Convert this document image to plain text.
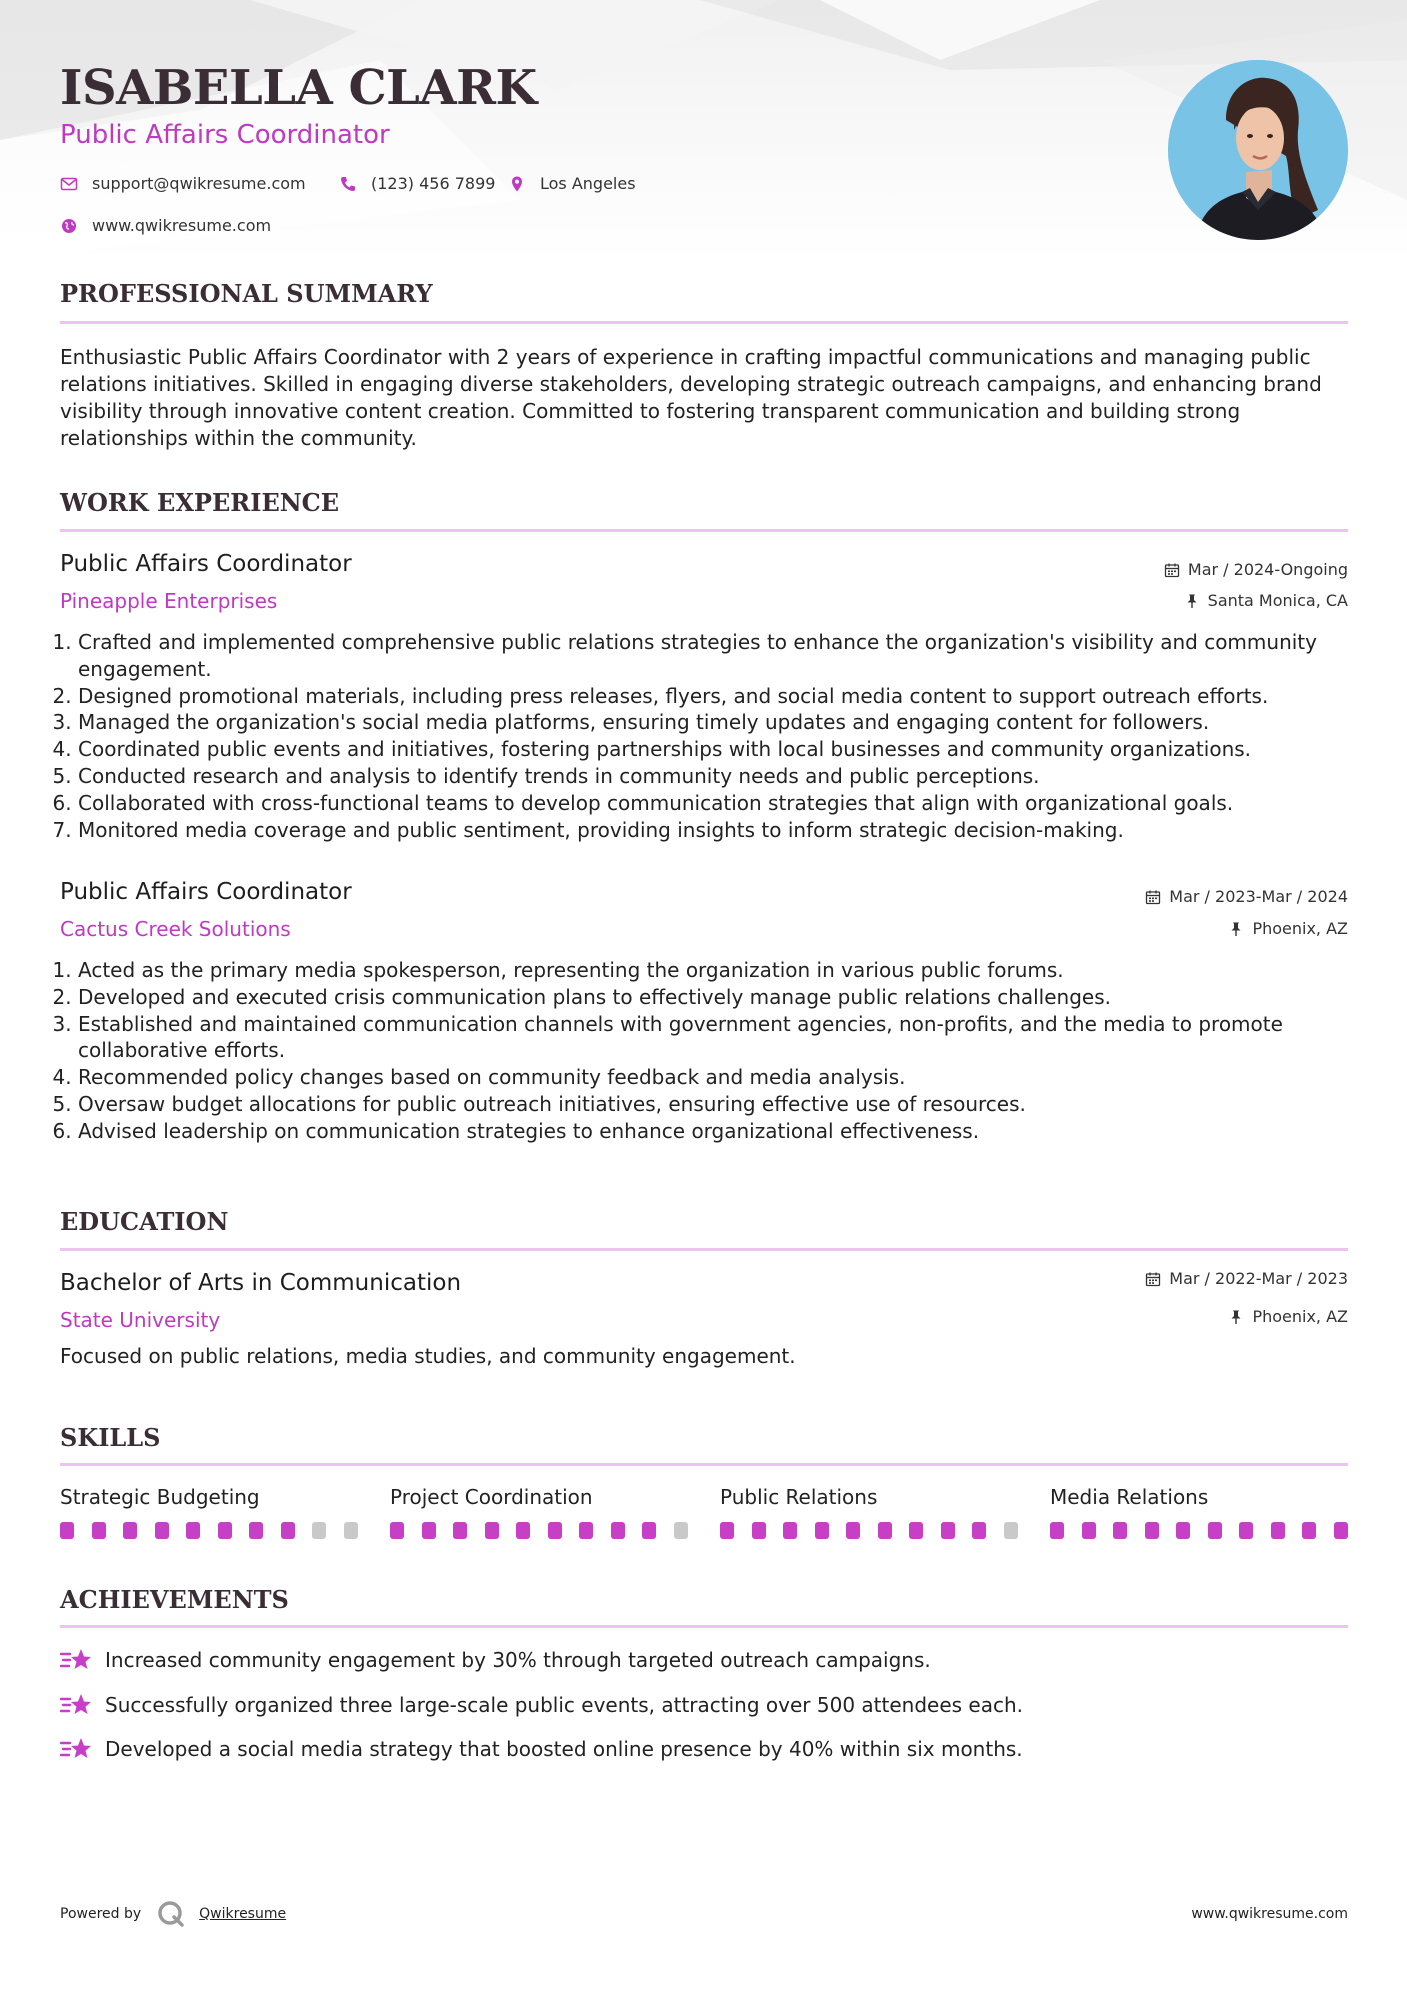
ISABELLA CLARK
Public Affairs Coordinator
support@qwikresume.com	(123) 456 7899	Los Angeles
www.qwikresume.com
PROFESSIONAL SUMMARY

Enthusiastic Public Affairs Coordinator with 2 years of experience in crafting impactful communications and managing public relations initiatives. Skilled in engaging diverse stakeholders, developing strategic outreach campaigns, and enhancing brand visibility through innovative content creation. Committed to fostering transparent communication and building strong relationships within the community.

WORK EXPERIENCE
Public Affairs Coordinator
Pineapple Enterprises
Mar / 2024-Ongoing
Santa Monica, CA
1. Crafted and implemented comprehensive public relations strategies to enhance the organization's visibility and community engagement.
2. Designed promotional materials, including press releases, flyers, and social media content to support outreach efforts.
3. Managed the organization's social media platforms, ensuring timely updates and engaging content for followers.
4. Coordinated public events and initiatives, fostering partnerships with local businesses and community organizations.
5. Conducted research and analysis to identify trends in community needs and public perceptions.
6. Collaborated with cross-functional teams to develop communication strategies that align with organizational goals.
7. Monitored media coverage and public sentiment, providing insights to inform strategic decision-making.
Public Affairs Coordinator
Cactus Creek Solutions
Mar / 2023-Mar / 2024
Phoenix, AZ
1. Acted as the primary media spokesperson, representing the organization in various public forums.
2. Developed and executed crisis communication plans to effectively manage public relations challenges.
3. Established and maintained communication channels with government agencies, non-profits, and the media to promote collaborative efforts.
4. Recommended policy changes based on community feedback and media analysis.
5. Oversaw budget allocations for public outreach initiatives, ensuring effective use of resources.
6. Advised leadership on communication strategies to enhance organizational effectiveness.
EDUCATION
Bachelor of Arts in Communication
State University
Mar / 2022-Mar / 2023
Phoenix, AZ

Focused on public relations, media studies, and community engagement.

SKILLS
Strategic Budgeting	Project Coordination	Public Relations	Media Relations
ACHIEVEMENTS
Increased community engagement by 30% through targeted outreach campaigns.
Successfully organized three large-scale public events, attracting over 500 attendees each.
Developed a social media strategy that boosted online presence by 40% within six months.
Powered by	Qwikresume	www.qwikresume.com
